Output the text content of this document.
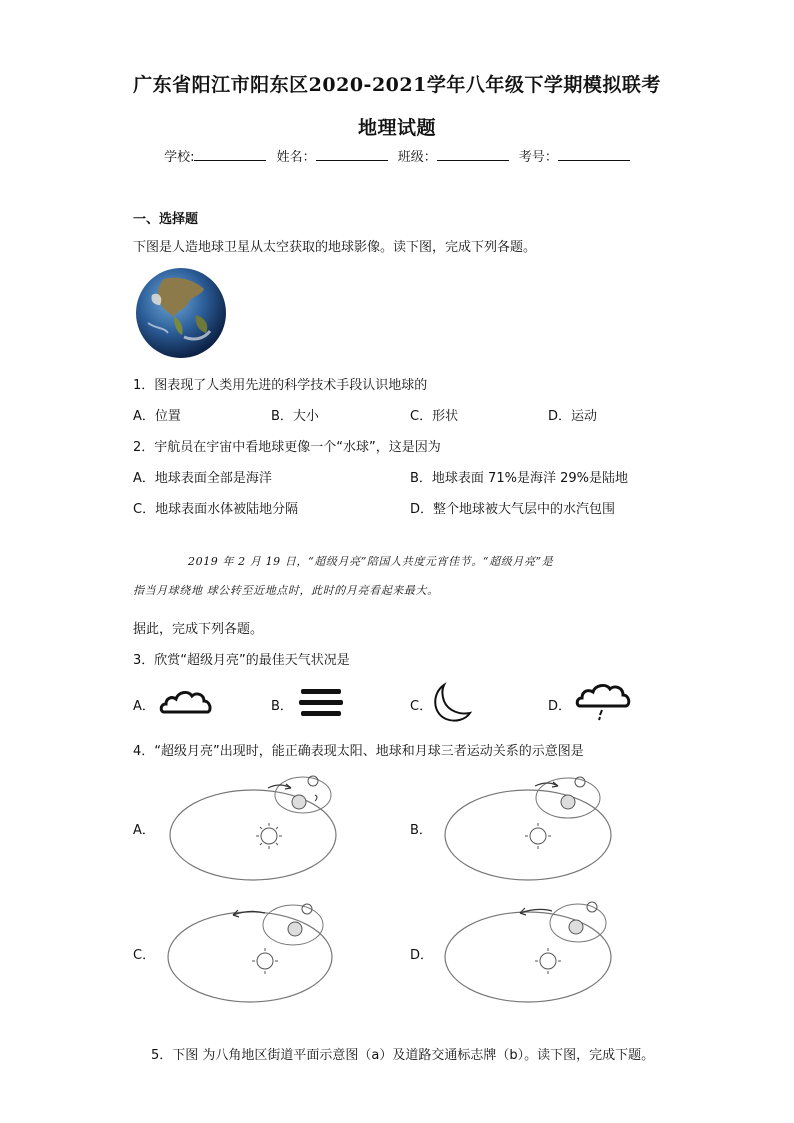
广东省阳江市阳东区2020-2021学年八年级下学期模拟联考
地理试题
学校:	姓名：	班级：	考号：
一、选择题
下图是人造地球卫星从太空获取的地球影像。读下图，完成下列各题。
1．图表现了人类用先进的科学技术手段认识地球的
A．位置	B．大小	C．形状	D．运动
2．宇航员在宇宙中看地球更像一个“水球”，这是因为
A．地球表面全部是海洋	B．地球表面 71%是海洋 29%是陆地
C．地球表面水体被陆地分隔	D．整个地球被大气层中的水汽包围
2019 年 2 月 19 日，“超级月亮”陪国人共度元宵佳节。“超级月亮”是
指当月球绕地 球公转至近地点时，此时的月亮看起来最大。
据此，完成下列各题。
3．欣赏“超级月亮”的最佳天气状况是
A．	B．	C．	D．
4．“超级月亮”出现时，能正确表现太阳、地球和月球三者运动关系的示意图是
A．	B．
C．	D．
5．下图 为八角地区街道平面示意图（a）及道路交通标志牌（b）。读下图，完成下题。
